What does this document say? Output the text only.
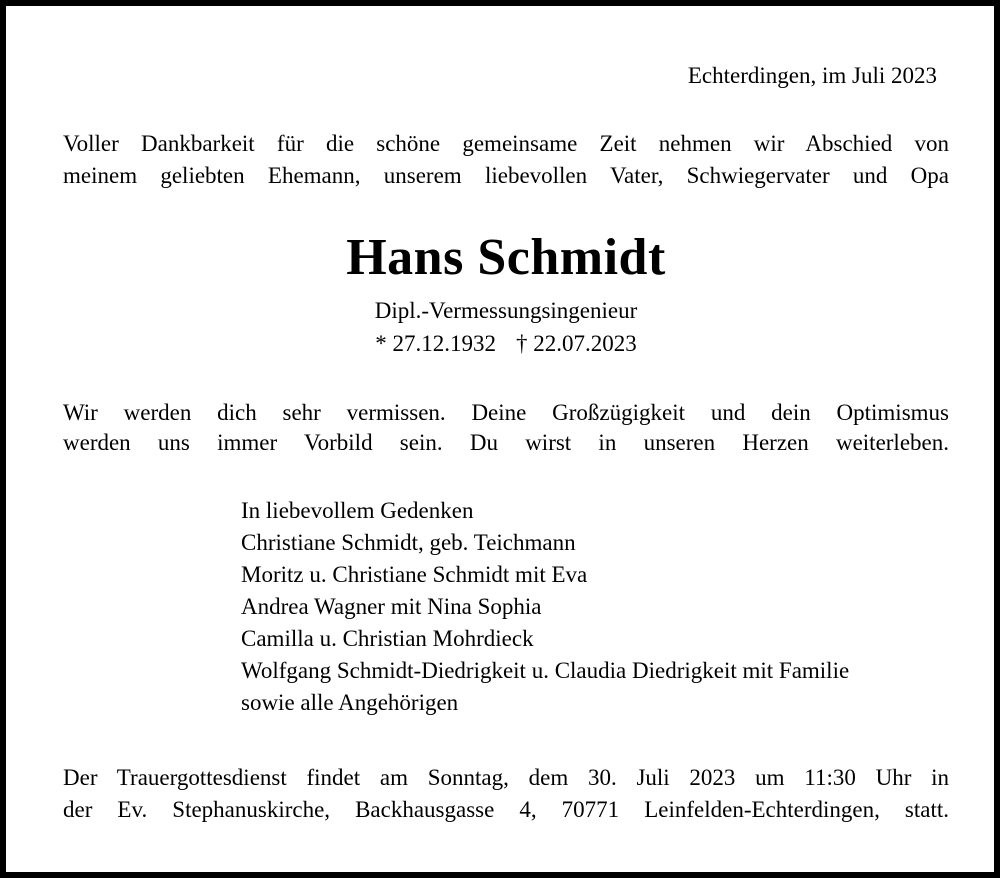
Echterdingen, im Juli 2023
Voller Dankbarkeit für die schöne gemeinsame Zeit nehmen wir Abschied von
meinem geliebten Ehemann, unserem liebevollen Vater, Schwiegervater und Opa
Hans Schmidt
Dipl.-Vermessungsingenieur
* 27.12.1932 † 22.07.2023
Wir werden dich sehr vermissen. Deine Großzügigkeit und dein Optimismus
werden uns immer Vorbild sein. Du wirst in unseren Herzen weiterleben.
In liebevollem Gedenken
Christiane Schmidt, geb. Teichmann
Moritz u. Christiane Schmidt mit Eva
Andrea Wagner mit Nina Sophia
Camilla u. Christian Mohrdieck
Wolfgang Schmidt-Diedrigkeit u. Claudia Diedrigkeit mit Familie
sowie alle Angehörigen
Der Trauergottesdienst findet am Sonntag, dem 30. Juli 2023 um 11:30 Uhr in
der Ev. Stephanuskirche, Backhausgasse 4, 70771 Leinfelden-Echterdingen, statt.
